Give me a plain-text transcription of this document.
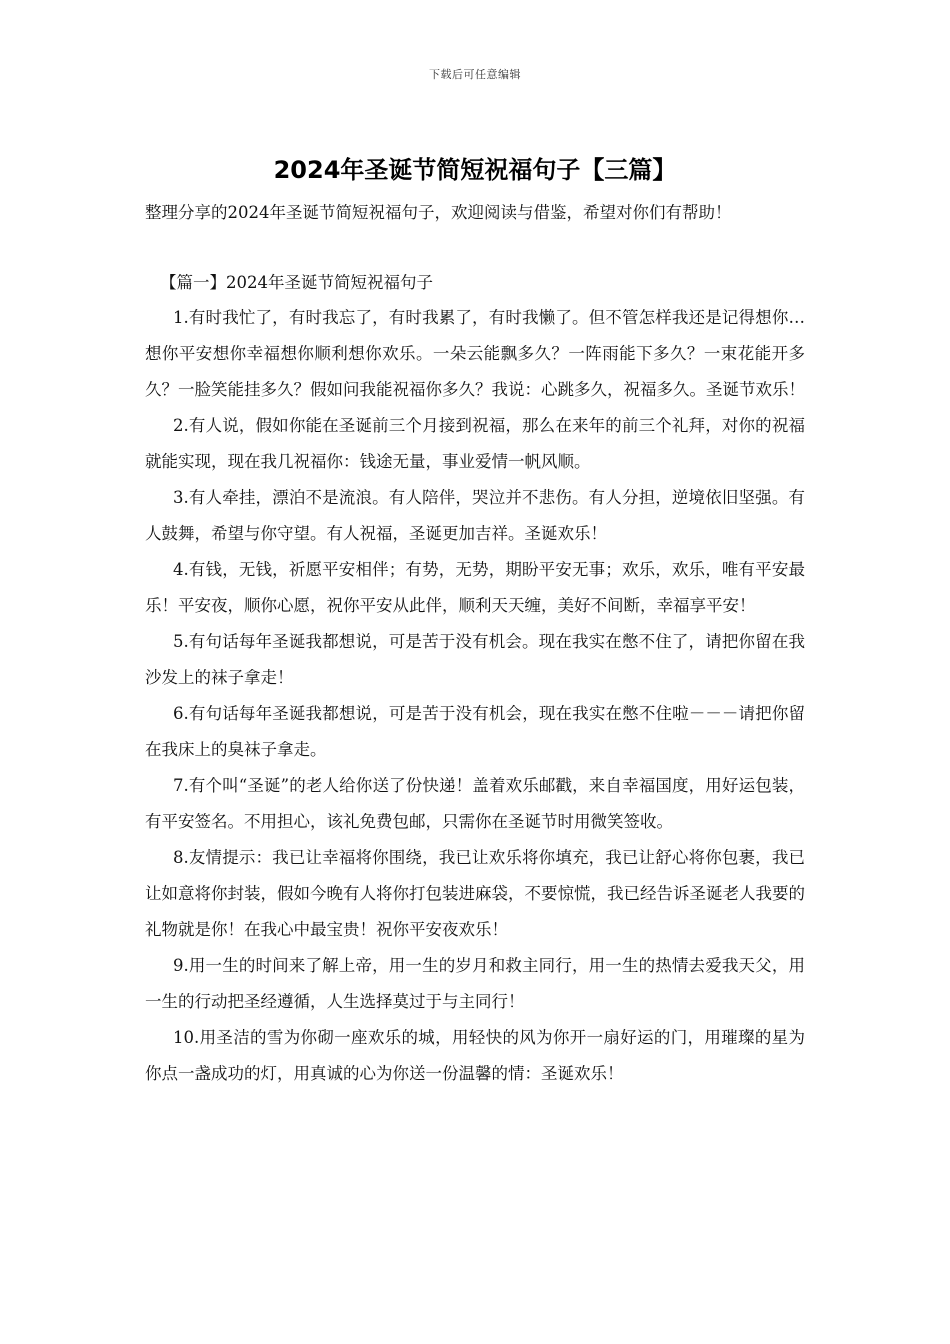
下载后可任意编辑
2024年圣诞节简短祝福句子【三篇】
整理分享的2024年圣诞节简短祝福句子，欢迎阅读与借鉴，希望对你们有帮助！
【篇一】2024年圣诞节简短祝福句子

1.有时我忙了，有时我忘了，有时我累了，有时我懒了。但不管怎样我还是记得想你…想你平安想你幸福想你顺利想你欢乐。一朵云能飘多久？一阵雨能下多久？一束花能开多久？一脸笑能挂多久？假如问我能祝福你多久？我说：心跳多久，祝福多久。圣诞节欢乐！

2.有人说，假如你能在圣诞前三个月接到祝福，那么在来年的前三个礼拜，对你的祝福就能实现，现在我几祝福你：钱途无量，事业爱情一帆风顺。

3.有人牵挂，漂泊不是流浪。有人陪伴，哭泣并不悲伤。有人分担，逆境依旧坚强。有人鼓舞，希望与你守望。有人祝福，圣诞更加吉祥。圣诞欢乐！

4.有钱，无钱，祈愿平安相伴；有势，无势，期盼平安无事；欢乐，欢乐，唯有平安最乐！平安夜，顺你心愿，祝你平安从此伴，顺利天天缠，美好不间断，幸福享平安！

5.有句话每年圣诞我都想说，可是苦于没有机会。现在我实在憋不住了，请把你留在我沙发上的袜子拿走！

6.有句话每年圣诞我都想说，可是苦于没有机会，现在我实在憋不住啦－－－请把你留在我床上的臭袜子拿走。

7.有个叫“圣诞”的老人给你送了份快递！盖着欢乐邮戳，来自幸福国度，用好运包装，有平安签名。不用担心，该礼免费包邮，只需你在圣诞节时用微笑签收。

8.友情提示：我已让幸福将你围绕，我已让欢乐将你填充，我已让舒心将你包裹，我已让如意将你封装，假如今晚有人将你打包装进麻袋，不要惊慌，我已经告诉圣诞老人我要的礼物就是你！在我心中最宝贵！祝你平安夜欢乐！

9.用一生的时间来了解上帝，用一生的岁月和救主同行，用一生的热情去爱我天父，用一生的行动把圣经遵循，人生选择莫过于与主同行！

10.用圣洁的雪为你砌一座欢乐的城，用轻快的风为你开一扇好运的门，用璀璨的星为你点一盏成功的灯，用真诚的心为你送一份温馨的情：圣诞欢乐！
